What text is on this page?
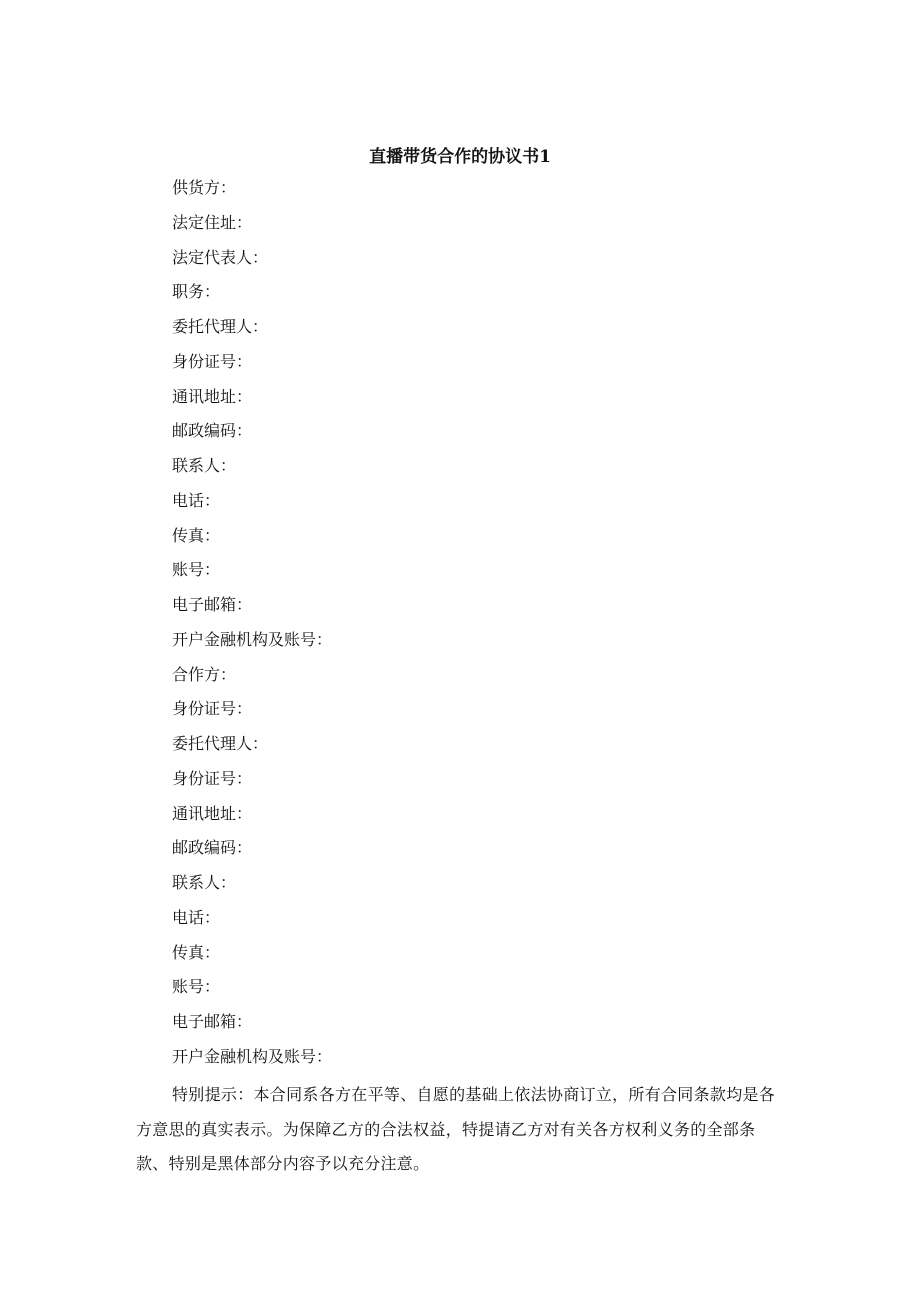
直播带货合作的协议书1
供货方：
法定住址：
法定代表人：
职务：
委托代理人：
身份证号：
通讯地址：
邮政编码：
联系人：
电话：
传真：
账号：
电子邮箱：
开户金融机构及账号：
合作方：
身份证号：
委托代理人：
身份证号：
通讯地址：
邮政编码：
联系人：
电话：
传真：
账号：
电子邮箱：
开户金融机构及账号：

特别提示：本合同系各方在平等、自愿的基础上依法协商订立，所有合同条款均是各方意思的真实表示。为保障乙方的合法权益，特提请乙方对有关各方权利义务的全部条款、特别是黑体部分内容予以充分注意。
